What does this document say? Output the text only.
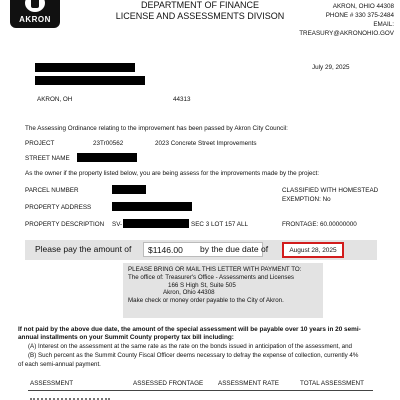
AKRON
DEPARTMENT OF FINANCE
LICENSE AND ASSESSMENTS DIVISON
AKRON, OHIO 44308
PHONE # 330 375-2484
EMAIL:
TREASURY@AKRONOHIO.GOV
July 29, 2025
AKRON, OH	44313
The Assessing Ordinance relating to the improvement has been passed by Akron City Council:
PROJECT	23Tr00562	2023 Concrete Street Improvements
STREET NAME
As the owner if the property listed below, you are being assess for the improvements made by the project:
PARCEL NUMBER
PROPERTY ADDRESS
PROPERTY DESCRIPTION SV-	SEC 3 LOT 157 ALL
CLASSIFIED WITH HOMESTEAD
EXEMPTION: No
FRONTAGE: 60.00000000
Please pay the amount of	$1146.00	by the due date of	August 28, 2025
PLEASE BRING OR MAIL THIS LETTER WITH PAYMENT TO:
The office of: Treasurer's Office - Assessments and Licenses
166 S High St, Suite 505
Akron, Ohio 44308
Make check or money order payable to the City of Akron.
If not paid by the above due date, the amount of the special assessment will be payable over 10 years in 20 semi-
annual installments on your Summit County property tax bill including:
(A) Interest on the assessment at the same rate as the rate on the bonds issued in anticipation of the assessment, and
(B) Such percent as the Summit County Fiscal Officer deems necessary to defray the expense of collection, currently 4%
of each semi-annual payment.
ASSESSMENT	ASSESSED FRONTAGE ASSESSMENT RATE	TOTAL ASSESSMENT
